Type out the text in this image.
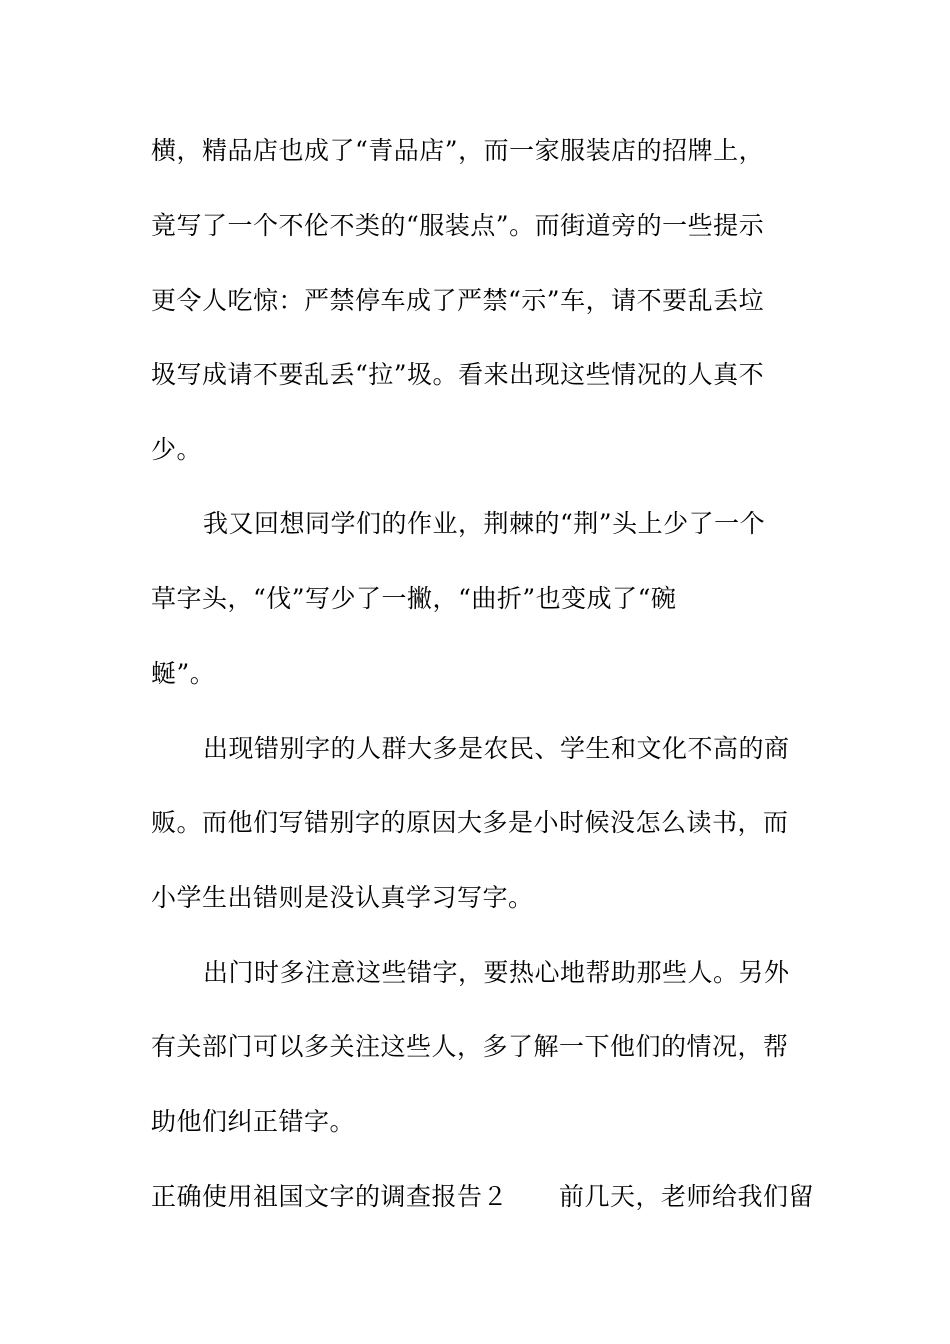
横，精品店也成了“青品店”，而一家服装店的招牌上，
竟写了一个不伦不类的“服装点”。而街道旁的一些提示
更令人吃惊：严禁停车成了严禁“示”车，请不要乱丢垃
圾写成请不要乱丢“拉”圾。看来出现这些情况的人真不
少。
我又回想同学们的作业，荆棘的“荆”头上少了一个
草字头，“伐”写少了一撇，“曲折”也变成了“碗
蜒”。
出现错别字的人群大多是农民、学生和文化不高的商
贩。而他们写错别字的原因大多是小时候没怎么读书，而
小学生出错则是没认真学习写字。
出门时多注意这些错字，要热心地帮助那些人。另外
有关部门可以多关注这些人，多了解一下他们的情况，帮
助他们纠正错字。
正确使用祖国文字的调查报告２　　前几天，老师给我们留
